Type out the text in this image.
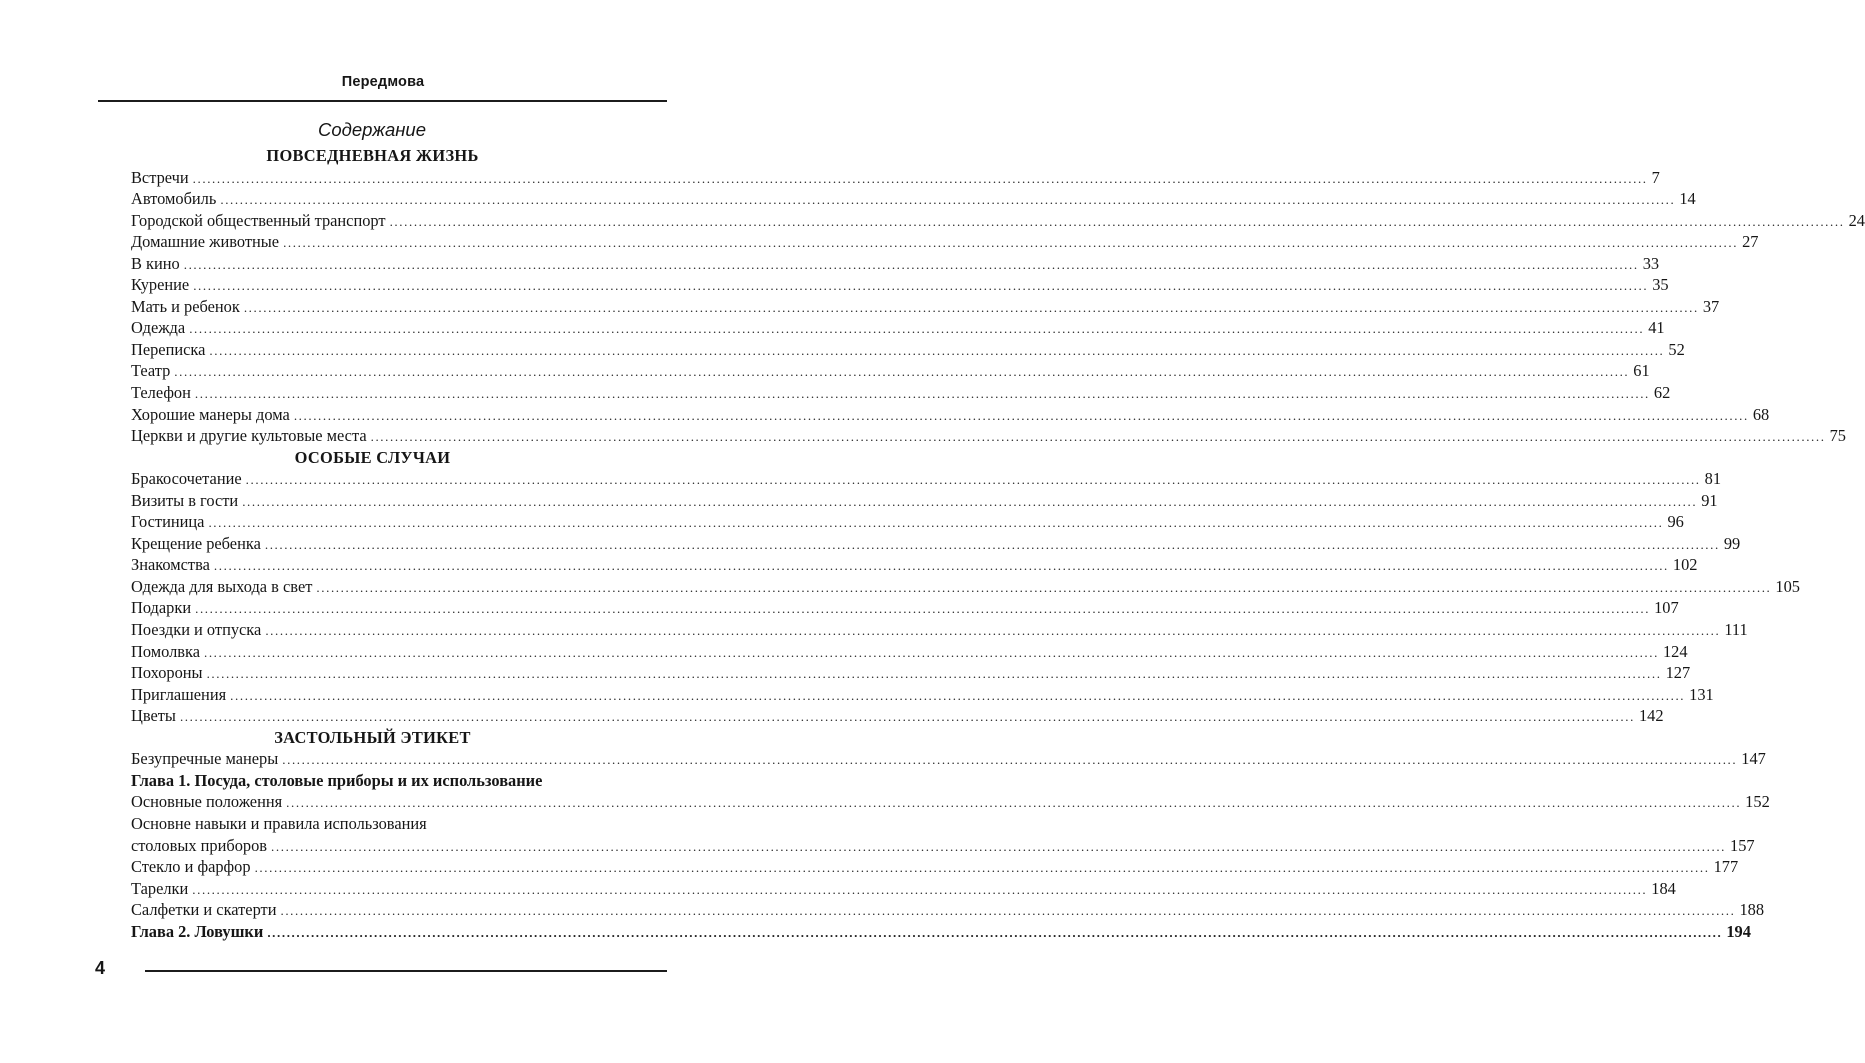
Передмова
Содержание
ПОВСЕДНЕВНАЯ ЖИЗНЬ
Встречи ............................................................................................................................................................................................................................................................................................................ 7
Автомобиль ............................................................................................................................................................................................................................................................................................................ 14
Городской общественный транспорт ............................................................................................................................................................................................................................................................................................................ 24
Домашние животные ............................................................................................................................................................................................................................................................................................................ 27
В кино ............................................................................................................................................................................................................................................................................................................ 33
Курение ............................................................................................................................................................................................................................................................................................................ 35
Мать и ребенок ............................................................................................................................................................................................................................................................................................................ 37
Одежда ............................................................................................................................................................................................................................................................................................................ 41
Переписка ............................................................................................................................................................................................................................................................................................................ 52
Театр ............................................................................................................................................................................................................................................................................................................ 61
Телефон ............................................................................................................................................................................................................................................................................................................ 62
Хорошие манеры дома ............................................................................................................................................................................................................................................................................................................ 68
Церкви и другие культовые места ............................................................................................................................................................................................................................................................................................................ 75
ОСОБЫЕ СЛУЧАИ
Бракосочетание ............................................................................................................................................................................................................................................................................................................ 81
Визиты в гости ............................................................................................................................................................................................................................................................................................................ 91
Гостиница ............................................................................................................................................................................................................................................................................................................ 96
Крещение ребенка ............................................................................................................................................................................................................................................................................................................ 99
Знакомства ............................................................................................................................................................................................................................................................................................................ 102
Одежда для выхода в свет ............................................................................................................................................................................................................................................................................................................ 105
Подарки ............................................................................................................................................................................................................................................................................................................ 107
Поездки и отпуска ............................................................................................................................................................................................................................................................................................................ 111
Помолвка ............................................................................................................................................................................................................................................................................................................ 124
Похороны ............................................................................................................................................................................................................................................................................................................ 127
Приглашения ............................................................................................................................................................................................................................................................................................................ 131
Цветы ............................................................................................................................................................................................................................................................................................................ 142
ЗАСТОЛЬНЫЙ ЭТИКЕТ
Безупречные манеры ............................................................................................................................................................................................................................................................................................................ 147
Глава 1. Посуда, столовые приборы и их использование
Основные положення ............................................................................................................................................................................................................................................................................................................ 152
Основне навыки и правила использования
столовых приборов ............................................................................................................................................................................................................................................................................................................ 157
Стекло и фарфор ............................................................................................................................................................................................................................................................................................................ 177
Тарелки ............................................................................................................................................................................................................................................................................................................ 184
Салфетки и скатерти ............................................................................................................................................................................................................................................................................................................ 188
Глава 2. Ловушки ............................................................................................................................................................................................................................................................................................................ 194
4
